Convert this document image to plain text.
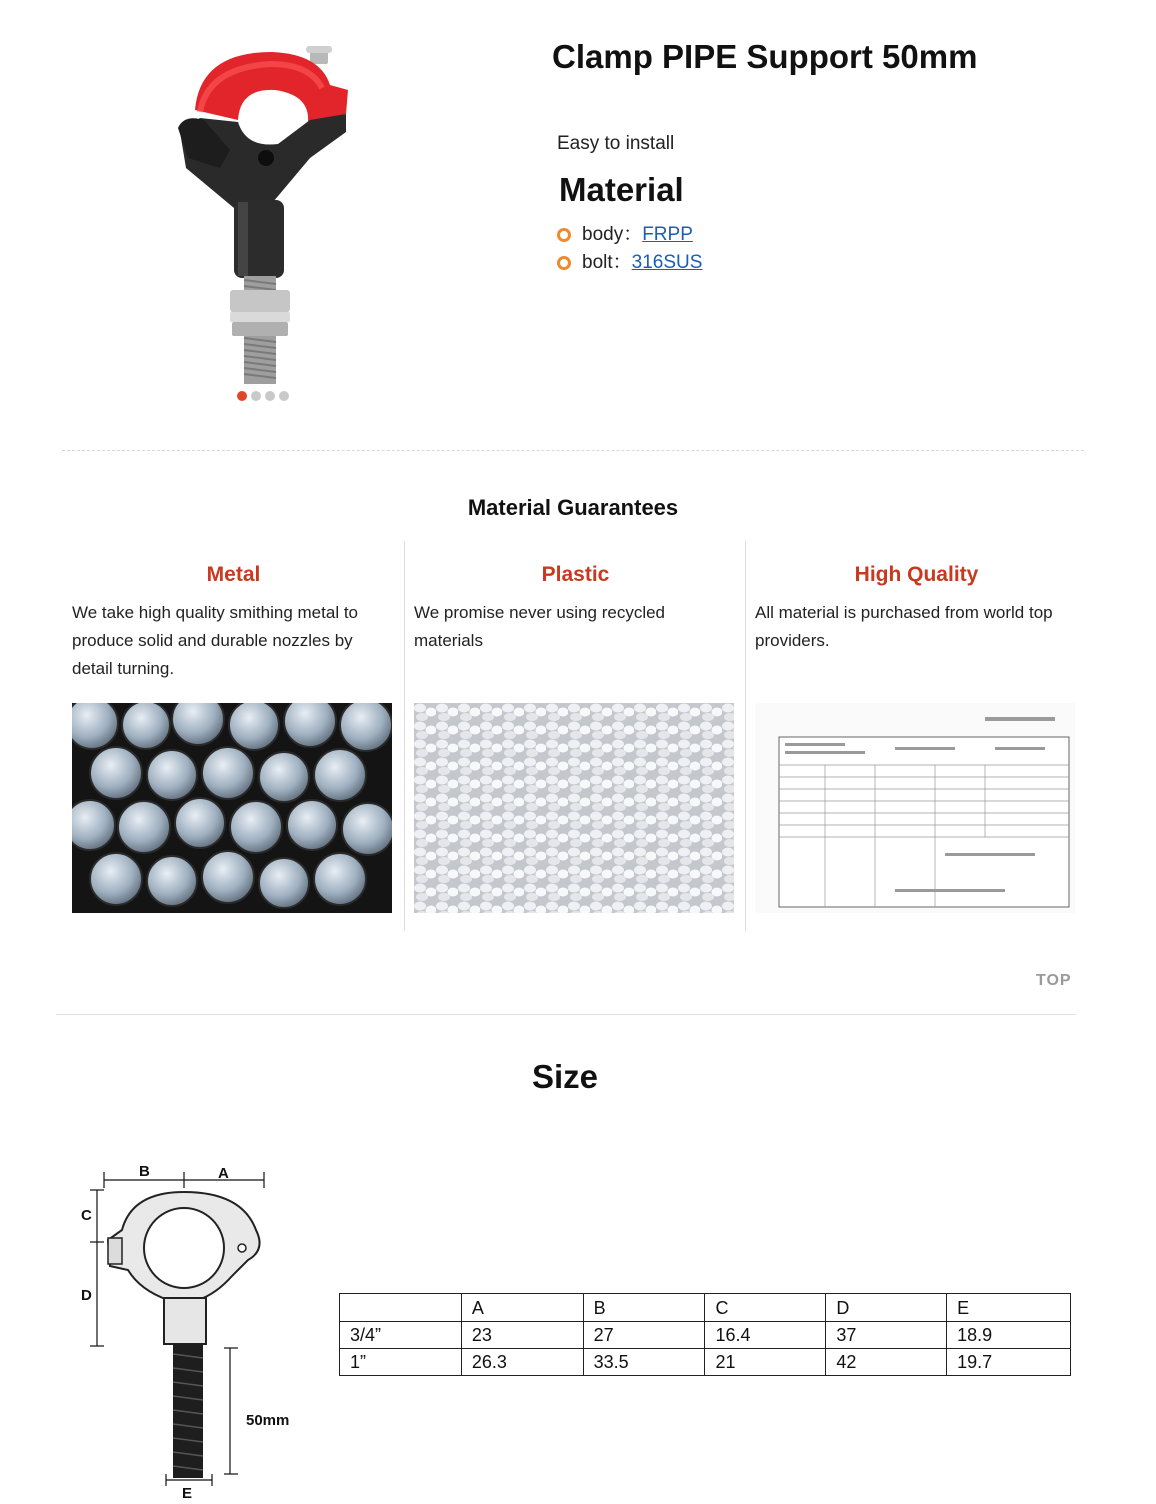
Clamp PIPE Support 50mm
Easy to install
Material
body： FRPP
bolt： 316SUS
Material Guarantees
Metal

We take high quality smithing metal to produce solid and durable nozzles by detail turning.

Plastic

We promise never using recycled materials

High Quality

All material is purchased from world top providers.

TOP
Size
B	A
C
D
50mm
E
	A	B	C	D	E
3/4”	23	27	16.4	37	18.9
1”	26.3	33.5	21	42	19.7
